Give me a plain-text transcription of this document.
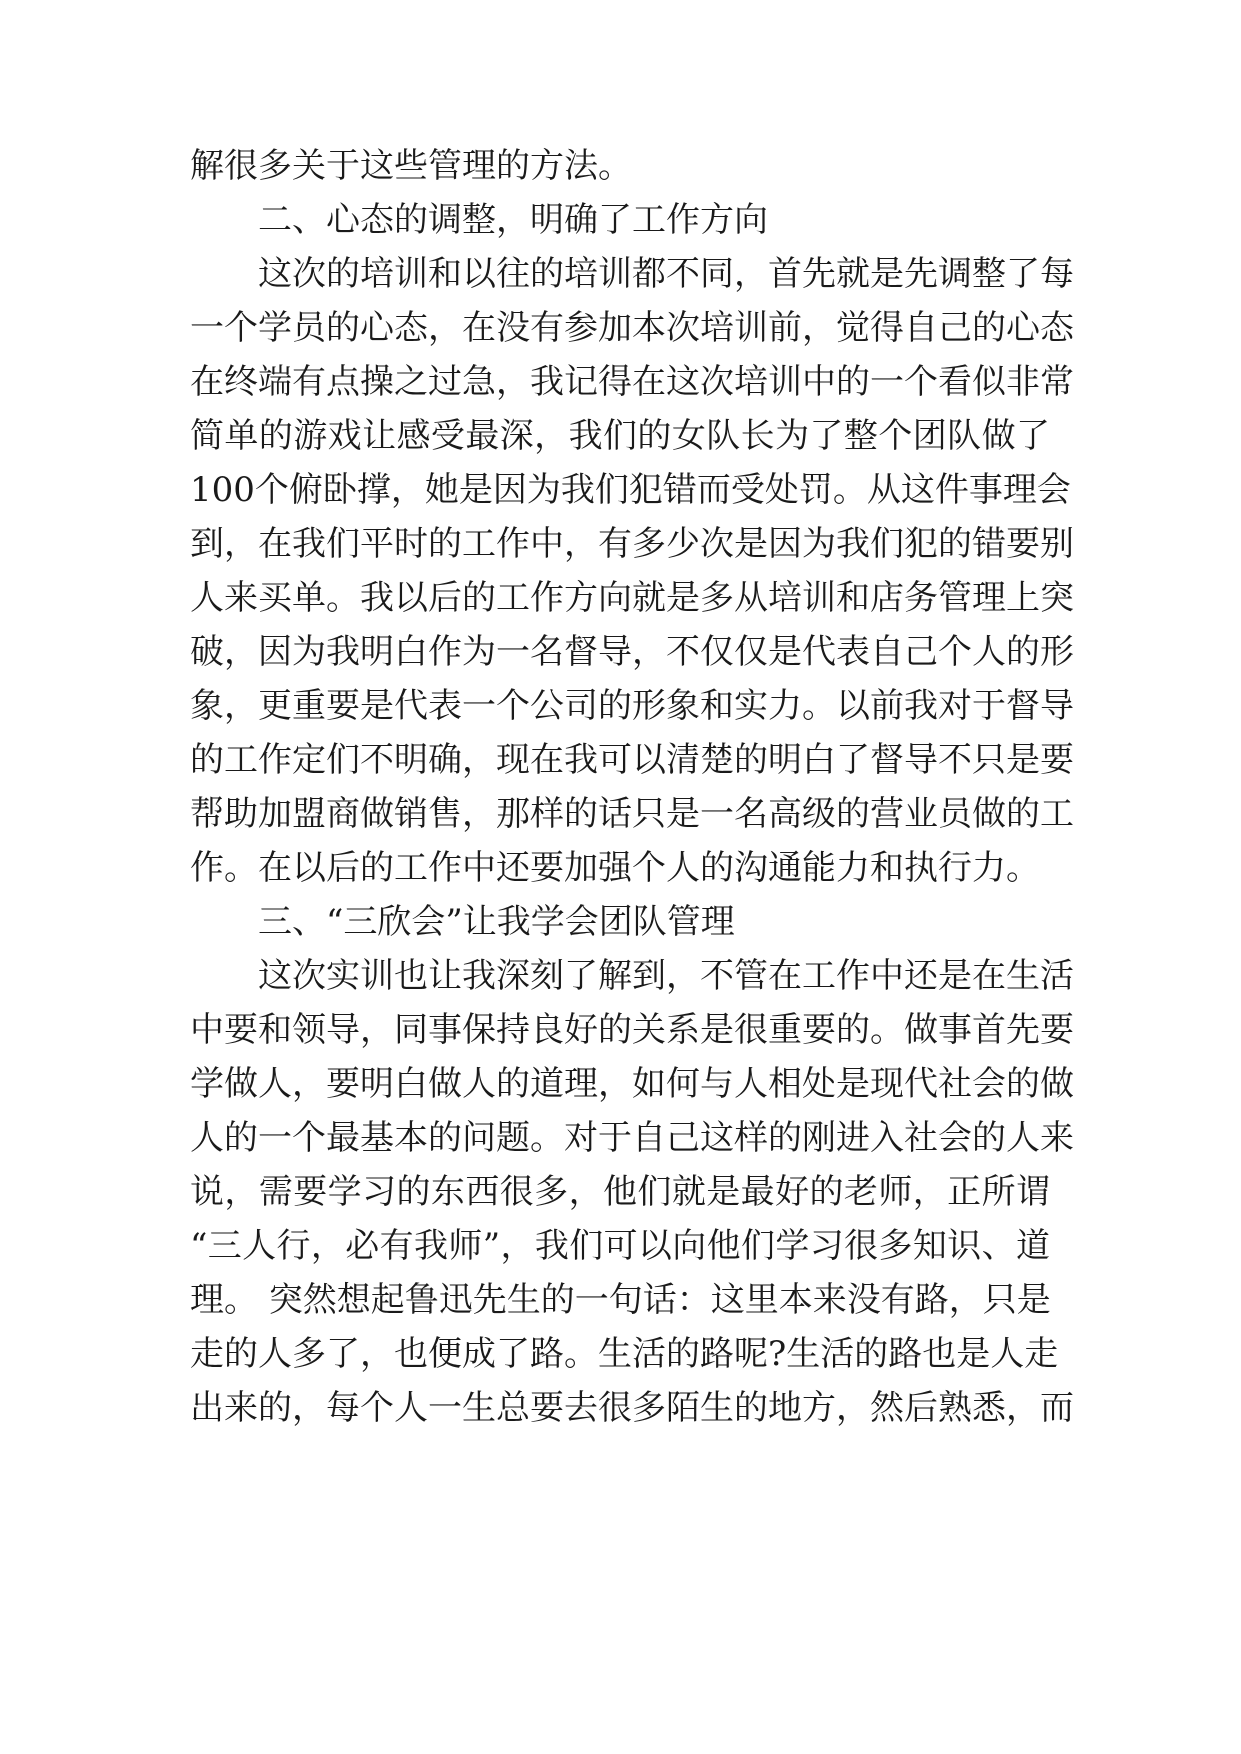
解很多关于这些管理的方法。
二、心态的调整，明确了工作方向
这次的培训和以往的培训都不同，首先就是先调整了每
一个学员的心态，在没有参加本次培训前，觉得自己的心态
在终端有点操之过急，我记得在这次培训中的一个看似非常
简单的游戏让感受最深，我们的女队长为了整个团队做了
100个俯卧撑，她是因为我们犯错而受处罚。从这件事理会
到，在我们平时的工作中，有多少次是因为我们犯的错要别
人来买单。我以后的工作方向就是多从培训和店务管理上突
破，因为我明白作为一名督导，不仅仅是代表自己个人的形
象，更重要是代表一个公司的形象和实力。以前我对于督导
的工作定们不明确，现在我可以清楚的明白了督导不只是要
帮助加盟商做销售，那样的话只是一名高级的营业员做的工
作。在以后的工作中还要加强个人的沟通能力和执行力。
三、“三欣会”让我学会团队管理
这次实训也让我深刻了解到，不管在工作中还是在生活
中要和领导，同事保持良好的关系是很重要的。做事首先要
学做人，要明白做人的道理，如何与人相处是现代社会的做
人的一个最基本的问题。对于自己这样的刚进入社会的人来
说，需要学习的东西很多，他们就是最好的老师，正所谓
“三人行，必有我师”，我们可以向他们学习很多知识、道
理。 突然想起鲁迅先生的一句话：这里本来没有路，只是
走的人多了，也便成了路。生活的路呢?生活的路也是人走
出来的，每个人一生总要去很多陌生的地方，然后熟悉，而
